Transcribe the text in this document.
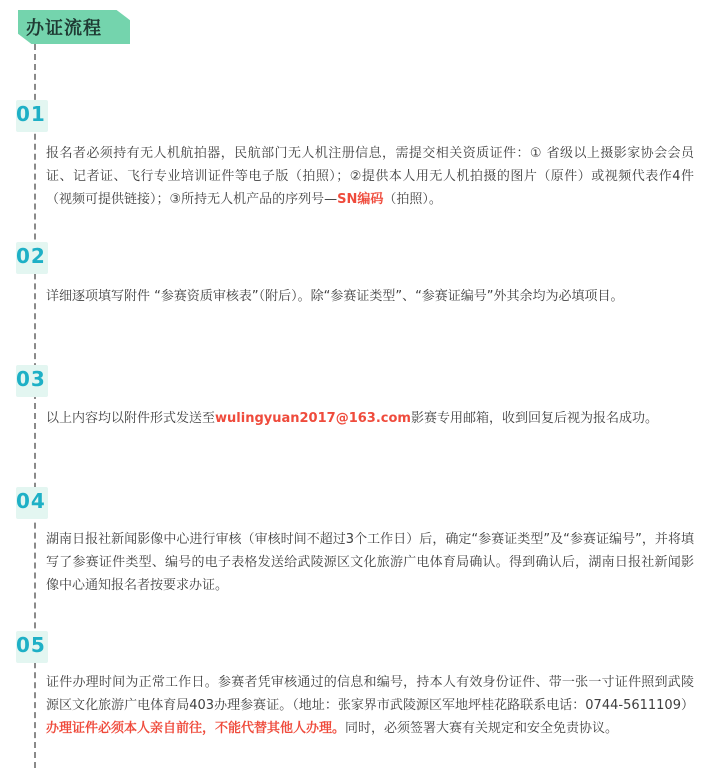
办证流程
01
报名者必须持有无人机航拍器，民航部门无人机注册信息，需提交相关资质证件：① 省级以上摄影家协会会员证、记者证、飞行专业培训证件等电子版（拍照）；②提供本人用无人机拍摄的图片（原件）或视频代表作4件（视频可提供链接）；③所持无人机产品的序列号—SN编码（拍照）。
02
详细逐项填写附件 “参赛资质审核表”（附后）。除“参赛证类型”、“参赛证编号”外其余均为必填项目。
03
以上内容均以附件形式发送至wulingyuan2017@163.com影赛专用邮箱，收到回复后视为报名成功。
04
湖南日报社新闻影像中心进行审核（审核时间不超过3个工作日）后，确定“参赛证类型”及“参赛证编号”，并将填写了参赛证件类型、编号的电子表格发送给武陵源区文化旅游广电体育局确认。得到确认后，湖南日报社新闻影像中心通知报名者按要求办证。
05
证件办理时间为正常工作日。参赛者凭审核通过的信息和编号，持本人有效身份证件、带一张一寸证件照到武陵源区文化旅游广电体育局403办理参赛证。（地址：张家界市武陵源区军地坪桂花路联系电话：0744-5611109）办理证件必须本人亲自前往，不能代替其他人办理。同时，必须签署大赛有关规定和安全免责协议。
